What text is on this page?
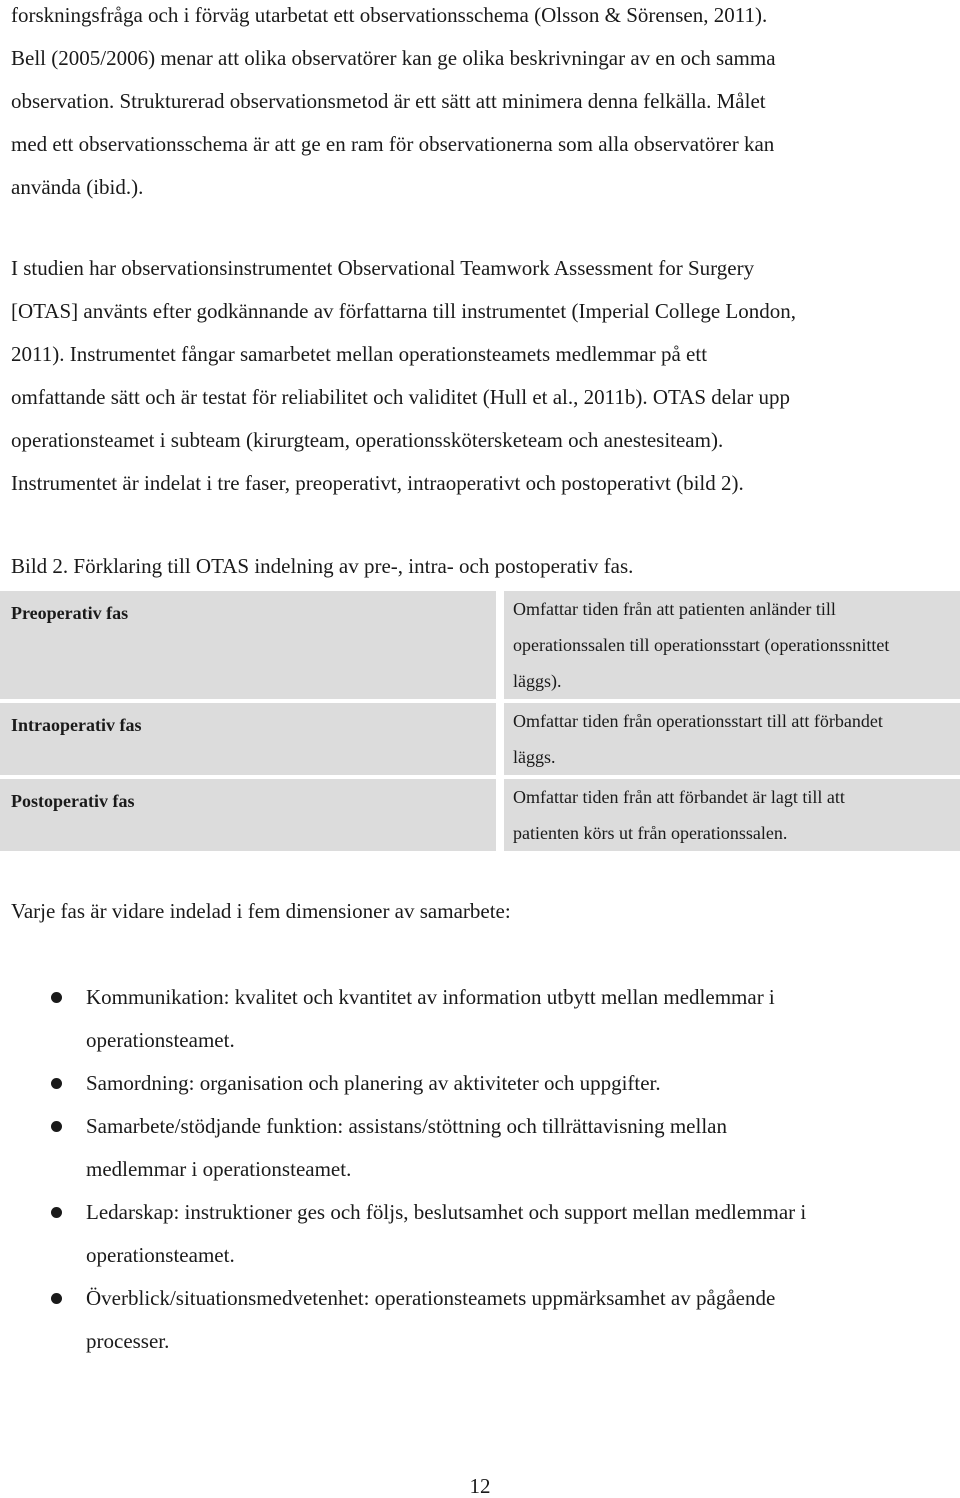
forskningsfråga och i förväg utarbetat ett observationsschema (Olsson & Sörensen, 2011).
Bell (2005/2006) menar att olika observatörer kan ge olika beskrivningar av en och samma
observation. Strukturerad observationsmetod är ett sätt att minimera denna felkälla. Målet
med ett observationsschema är att ge en ram för observationerna som alla observatörer kan
använda (ibid.).

I studien har observationsinstrumentet Observational Teamwork Assessment for Surgery
[OTAS] använts efter godkännande av författarna till instrumentet (Imperial College London,
2011). Instrumentet fångar samarbetet mellan operationsteamets medlemmar på ett
omfattande sätt och är testat för reliabilitet och validitet (Hull et al., 2011b). OTAS delar upp
operationsteamet i subteam (kirurgteam, operationsskötersketeam och anestesiteam).
Instrumentet är indelat i tre faser, preoperativt, intraoperativt och postoperativt (bild 2).

Bild 2. Förklaring till OTAS indelning av pre-, intra- och postoperativ fas.

Preoperativ fas		Omfattar tiden från att patienten anländer till
operationssalen till operationsstart (operationssnittet
läggs).

Intraoperativ fas		Omfattar tiden från operationsstart till att förbandet
läggs.

Postoperativ fas		Omfattar tiden från att förbandet är lagt till att
patienten körs ut från operationssalen.

Varje fas är vidare indelad i fem dimensioner av samarbete:

Kommunikation: kvalitet och kvantitet av information utbytt mellan medlemmar i
operationsteamet.
Samordning: organisation och planering av aktiviteter och uppgifter.
Samarbete/stödjande funktion: assistans/stöttning och tillrättavisning mellan
medlemmar i operationsteamet.
Ledarskap: instruktioner ges och följs, beslutsamhet och support mellan medlemmar i
operationsteamet.
Överblick/situationsmedvetenhet: operationsteamets uppmärksamhet av pågående
processer.
12
